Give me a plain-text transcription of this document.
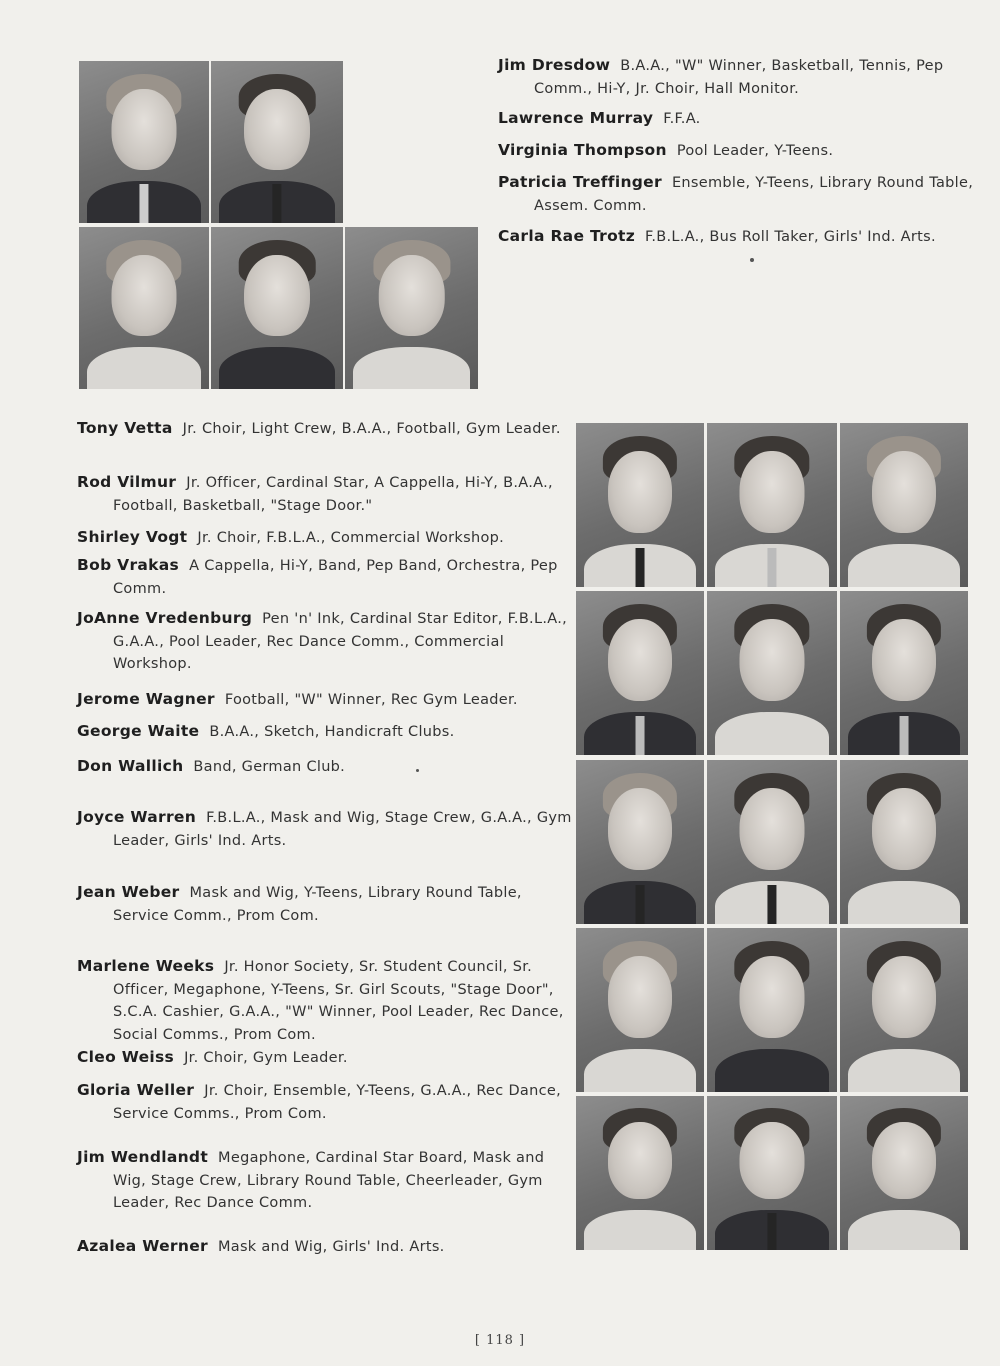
Jim Dresdow B.A.A., "W" Winner, Basketball, Tennis, Pep Comm., Hi-Y, Jr. Choir, Hall Monitor.
Lawrence Murray F.F.A.
Virginia Thompson Pool Leader, Y-Teens.
Patricia Treffinger Ensemble, Y-Teens, Library Round Table, Assem. Comm.
Carla Rae Trotz F.B.L.A., Bus Roll Taker, Girls' Ind. Arts.
Tony Vetta Jr. Choir, Light Crew, B.A.A., Football, Gym Leader.
Rod Vilmur Jr. Officer, Cardinal Star, A Cappella, Hi-Y, B.A.A., Football, Basketball, "Stage Door."
Shirley Vogt Jr. Choir, F.B.L.A., Commercial Workshop.
Bob Vrakas A Cappella, Hi-Y, Band, Pep Band, Orchestra, Pep Comm.
JoAnne Vredenburg Pen 'n' Ink, Cardinal Star Editor, F.B.L.A., G.A.A., Pool Leader, Rec Dance Comm., Commercial Workshop.
Jerome Wagner Football, "W" Winner, Rec Gym Leader.
George Waite B.A.A., Sketch, Handicraft Clubs.
Don Wallich Band, German Club.
Joyce Warren F.B.L.A., Mask and Wig, Stage Crew, G.A.A., Gym Leader, Girls' Ind. Arts.
Jean Weber Mask and Wig, Y-Teens, Library Round Table, Service Comm., Prom Com.
Marlene Weeks Jr. Honor Society, Sr. Student Council, Sr. Officer, Megaphone, Y-Teens, Sr. Girl Scouts, "Stage Door", S.C.A. Cashier, G.A.A., "W" Winner, Pool Leader, Rec Dance, Social Comms., Prom Com.
Cleo Weiss Jr. Choir, Gym Leader.
Gloria Weller Jr. Choir, Ensemble, Y-Teens, G.A.A., Rec Dance, Service Comms., Prom Com.
Jim Wendlandt Megaphone, Cardinal Star Board, Mask and Wig, Stage Crew, Library Round Table, Cheerleader, Gym Leader, Rec Dance Comm.
Azalea Werner Mask and Wig, Girls' Ind. Arts.
[ 118 ]
